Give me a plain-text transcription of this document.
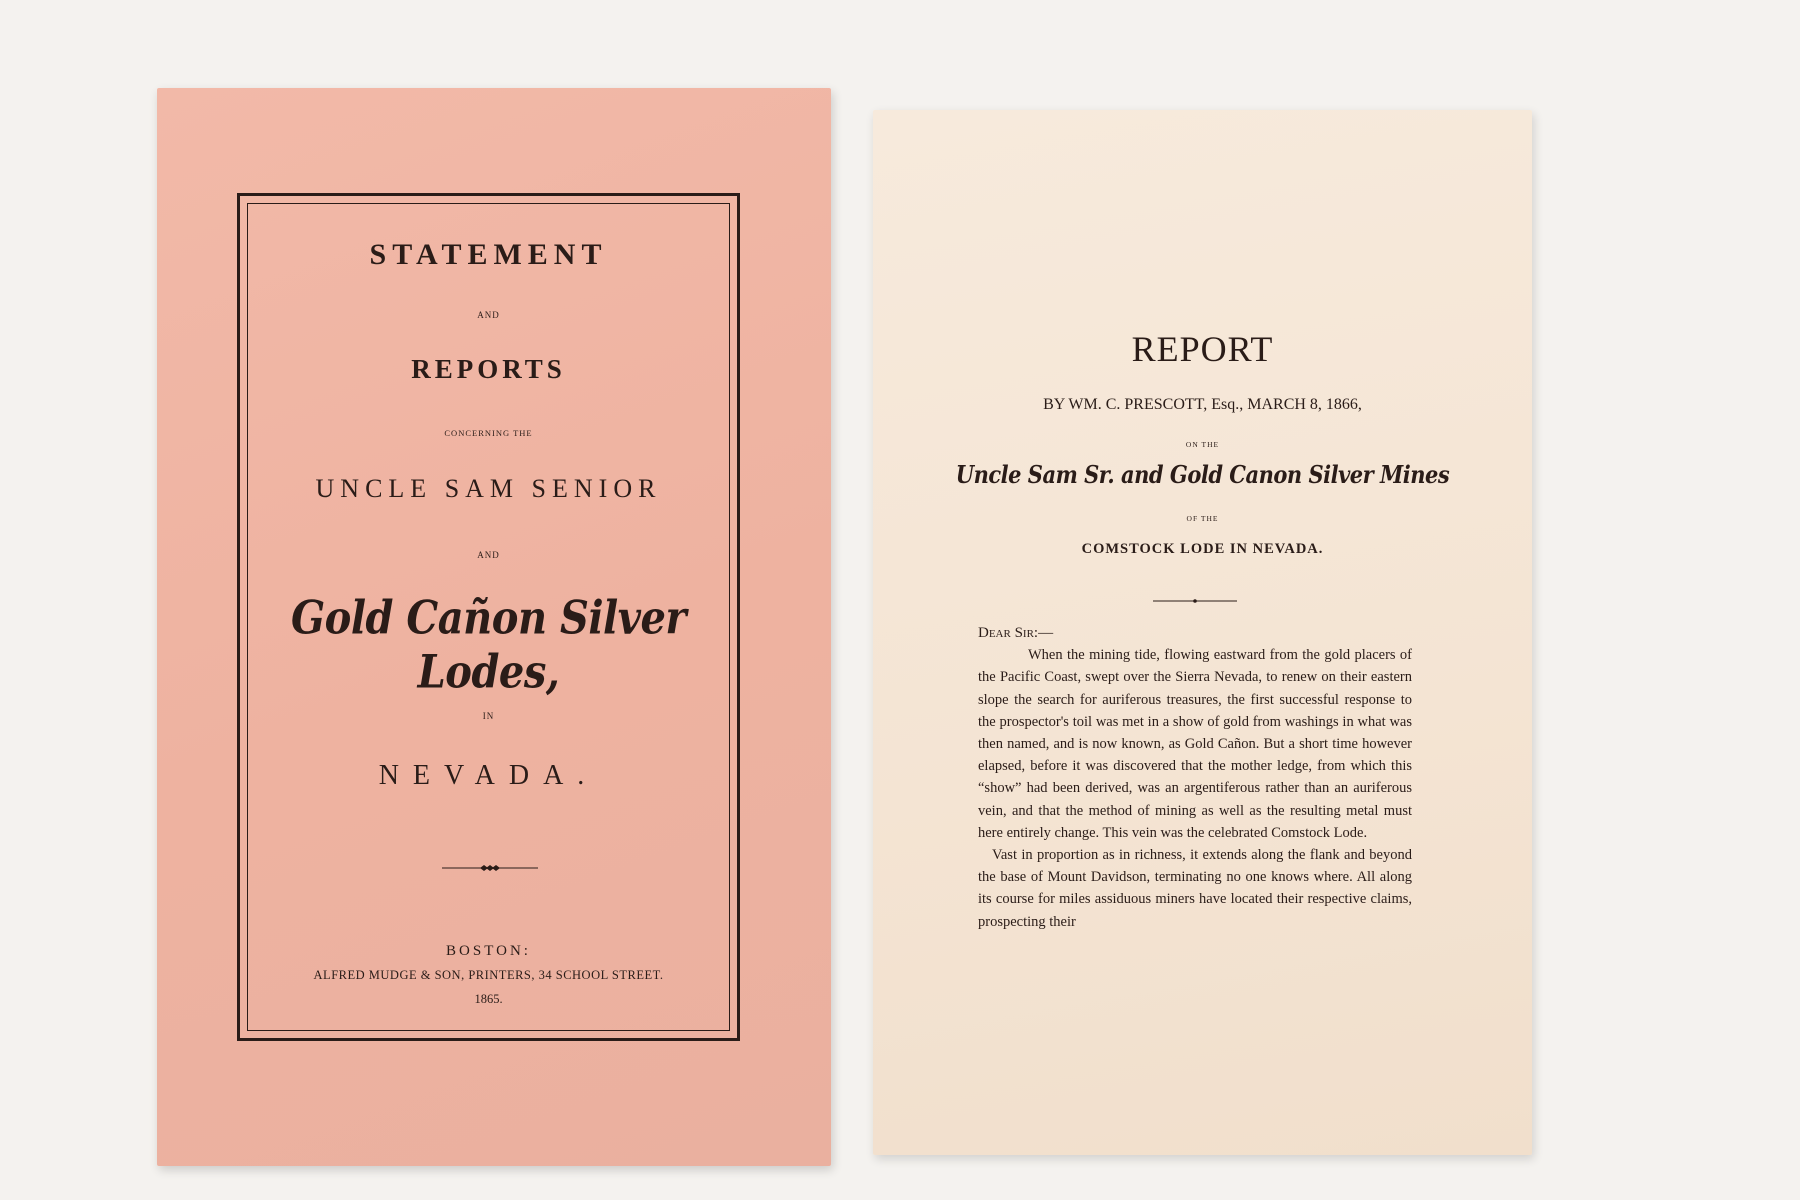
STATEMENT

AND

REPORTS

CONCERNING THE

UNCLE SAM SENIOR

AND

Gold Cañon Silver Lodes,

IN

NEVADA.

BOSTON:

ALFRED MUDGE & SON, PRINTERS, 34 SCHOOL STREET.

1865.

REPORT

BY WM. C. PRESCOTT, Esq., MARCH 8, 1866,

ON THE

Uncle Sam Sr. and Gold Canon Silver Mines

OF THE

COMSTOCK LODE IN NEVADA.

Dear Sir:—

When the mining tide, flowing eastward from the gold placers of the Pacific Coast, swept over the Sierra Nevada, to renew on their eastern slope the search for auriferous treasures, the first successful response to the prospector's toil was met in a show of gold from washings in what was then named, and is now known, as Gold Cañon. But a short time however elapsed, before it was discovered that the mother ledge, from which this “show” had been derived, was an argentiferous rather than an auriferous vein, and that the method of mining as well as the resulting metal must here entirely change. This vein was the celebrated Comstock Lode.

Vast in proportion as in richness, it extends along the flank and beyond the base of Mount Davidson, terminating no one knows where. All along its course for miles assiduous miners have located their respective claims, prospecting their
